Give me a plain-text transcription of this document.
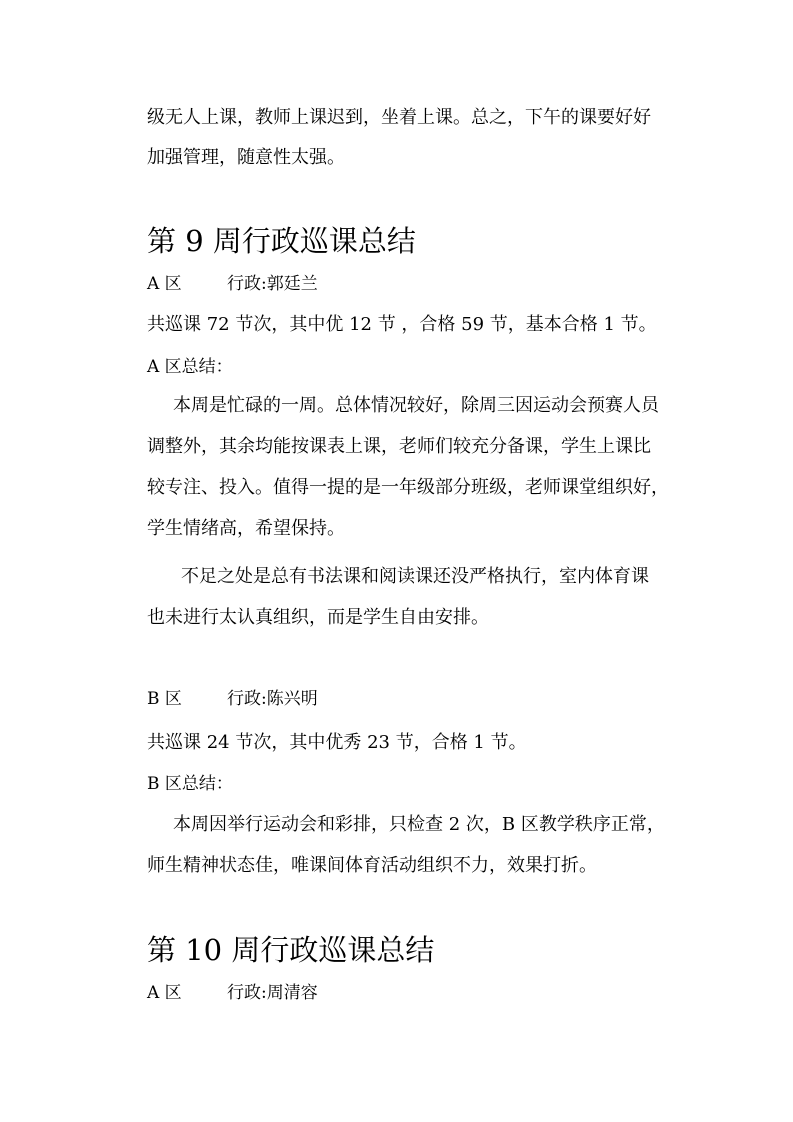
级无人上课，教师上课迟到，坐着上课。总之，下午的课要好好
加强管理，随意性太强。
第 9 周行政巡课总结
A 区	行政:郭廷兰
共巡课 72 节次，其中优 12 节 ，合格 59 节，基本合格 1 节。
A 区总结：
本周是忙碌的一周。总体情况较好，除周三因运动会预赛人员
调整外，其余均能按课表上课，老师们较充分备课，学生上课比
较专注、投入。值得一提的是一年级部分班级，老师课堂组织好，
学生情绪高，希望保持。
不足之处是总有书法课和阅读课还没严格执行，室内体育课
也未进行太认真组织，而是学生自由安排。
B 区	行政:陈兴明
共巡课 24 节次，其中优秀 23 节，合格 1 节。
B 区总结：
本周因举行运动会和彩排，只检查 2 次，B 区教学秩序正常，
师生精神状态佳，唯课间体育活动组织不力，效果打折。
第 10 周行政巡课总结
A 区	行政:周清容
